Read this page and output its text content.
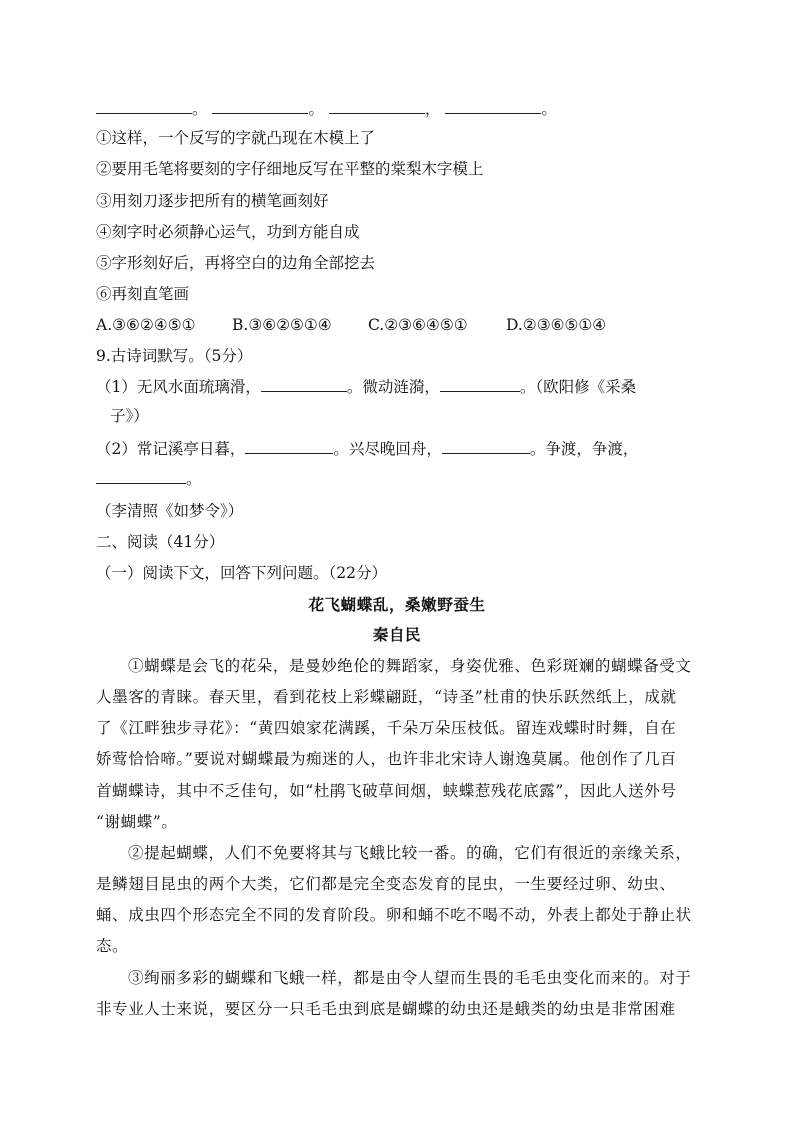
。	。	，	。
①这样，一个反写的字就凸现在木模上了
②要用毛笔将要刻的字仔细地反写在平整的棠梨木字模上
③用刻刀逐步把所有的横笔画刻好
④刻字时必须静心运气，功到方能自成
⑤字形刻好后，再将空白的边角全部挖去
⑥再刻直笔画
A.③⑥②④⑤① B.③⑥②⑤①④ C.②③⑥④⑤① D.②③⑥⑤①④
9.古诗词默写。（5分）
（1）无风水面琉璃滑，	。微动涟漪，	。（欧阳修《采桑
子》）
（2）常记溪亭日暮，	。兴尽晚回舟，	。争渡，争渡，
。
（李清照《如梦令》）
二、阅读（41分）
（一）阅读下文，回答下列问题。（22分）
花飞蝴蝶乱，桑嫩野蚕生
秦自民
①蝴蝶是会飞的花朵，是曼妙绝伦的舞蹈家，身姿优雅、色彩斑斓的蝴蝶备受文
人墨客的青睐。春天里，看到花枝上彩蝶翩跹，“诗圣”杜甫的快乐跃然纸上，成就
了《江畔独步寻花》：“黄四娘家花满蹊，千朵万朵压枝低。留连戏蝶时时舞，自在
娇莺恰恰啼。”要说对蝴蝶最为痴迷的人，也许非北宋诗人谢逸莫属。他创作了几百
首蝴蝶诗，其中不乏佳句，如“杜鹃飞破草间烟，蛱蝶惹残花底露”，因此人送外号
“谢蝴蝶”。
②提起蝴蝶，人们不免要将其与飞蛾比较一番。的确，它们有很近的亲缘关系，
是鳞翅目昆虫的两个大类，它们都是完全变态发育的昆虫，一生要经过卵、幼虫、
蛹、成虫四个形态完全不同的发育阶段。卵和蛹不吃不喝不动，外表上都处于静止状
态。
③绚丽多彩的蝴蝶和飞蛾一样，都是由令人望而生畏的毛毛虫变化而来的。对于
非专业人士来说，要区分一只毛毛虫到底是蝴蝶的幼虫还是蛾类的幼虫是非常困难
